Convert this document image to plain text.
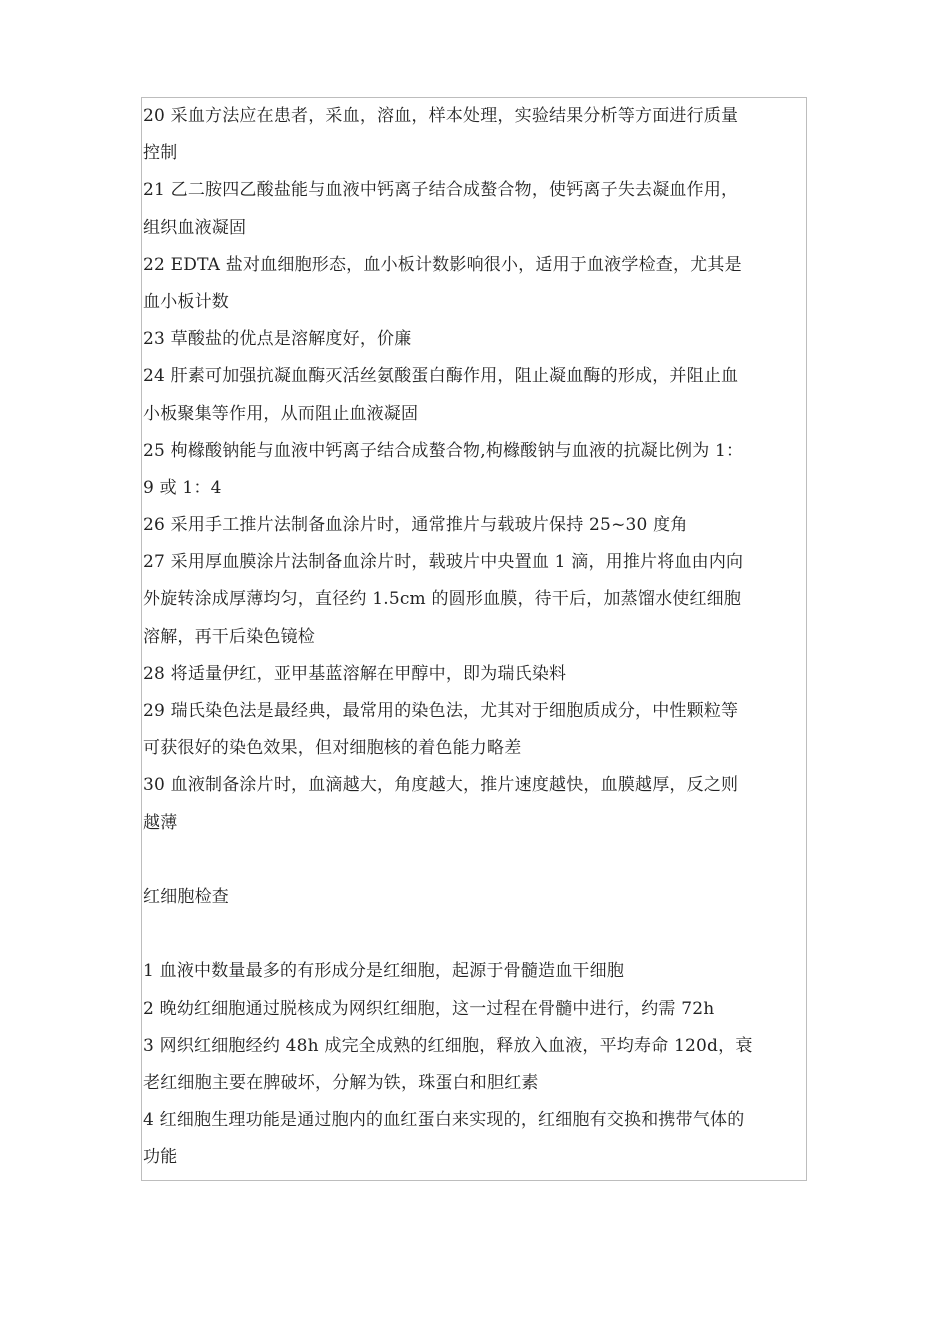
20 采血方法应在患者，采血，溶血，样本处理，实验结果分析等方面进行质量
控制
21 乙二胺四乙酸盐能与血液中钙离子结合成螯合物，使钙离子失去凝血作用，
组织血液凝固
22 EDTA 盐对血细胞形态，血小板计数影响很小，适用于血液学检查，尤其是
血小板计数
23 草酸盐的优点是溶解度好，价廉
24 肝素可加强抗凝血酶灭活丝氨酸蛋白酶作用，阻止凝血酶的形成，并阻止血
小板聚集等作用，从而阻止血液凝固
25 枸橼酸钠能与血液中钙离子结合成螯合物,枸橼酸钠与血液的抗凝比例为 1：
9 或 1：4
26 采用手工推片法制备血涂片时，通常推片与载玻片保持 25~30 度角
27 采用厚血膜涂片法制备血涂片时，载玻片中央置血 1 滴，用推片将血由内向
外旋转涂成厚薄均匀，直径约 1.5cm 的圆形血膜，待干后，加蒸馏水使红细胞
溶解，再干后染色镜检
28 将适量伊红，亚甲基蓝溶解在甲醇中，即为瑞氏染料
29 瑞氏染色法是最经典，最常用的染色法，尤其对于细胞质成分，中性颗粒等
可获很好的染色效果，但对细胞核的着色能力略差
30 血液制备涂片时，血滴越大，角度越大，推片速度越快，血膜越厚，反之则
越薄
红细胞检查
1 血液中数量最多的有形成分是红细胞，起源于骨髓造血干细胞
2 晚幼红细胞通过脱核成为网织红细胞，这一过程在骨髓中进行，约需 72h
3 网织红细胞经约 48h 成完全成熟的红细胞，释放入血液，平均寿命 120d，衰
老红细胞主要在脾破坏，分解为铁，珠蛋白和胆红素
4 红细胞生理功能是通过胞内的血红蛋白来实现的，红细胞有交换和携带气体的
功能
